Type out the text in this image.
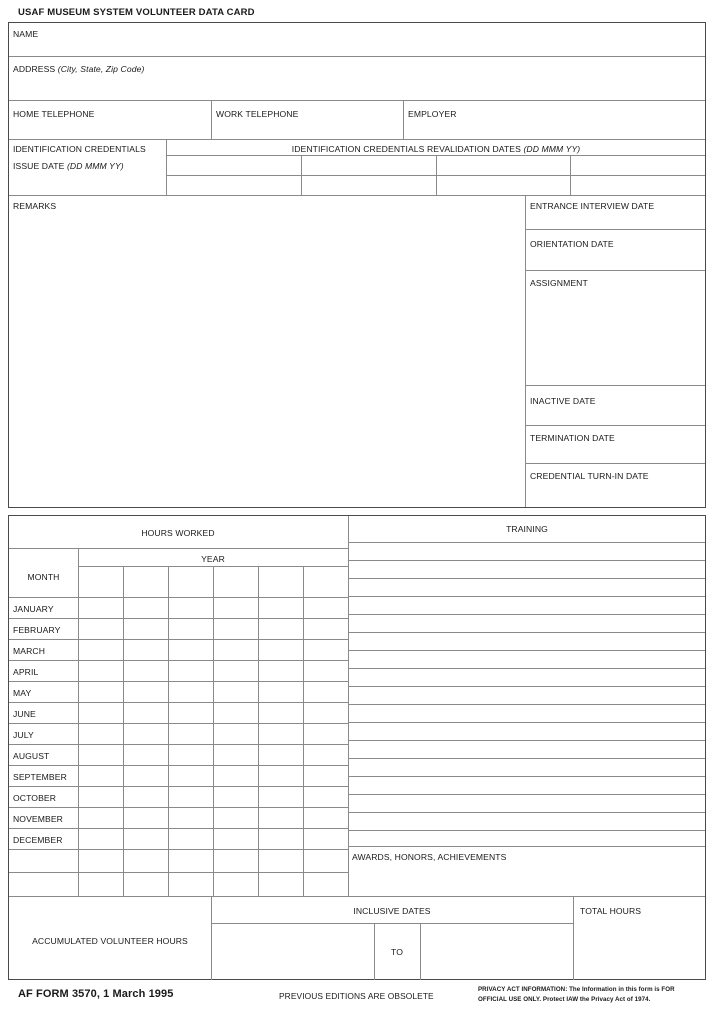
USAF MUSEUM SYSTEM VOLUNTEER DATA CARD
NAME
ADDRESS (City, State, Zip Code)
HOME TELEPHONE	WORK TELEPHONE	EMPLOYER
IDENTIFICATION CREDENTIALS
ISSUE DATE (DD MMM YY)
IDENTIFICATION CREDENTIALS REVALIDATION DATES (DD MMM YY)
REMARKS	ENTRANCE INTERVIEW DATE
ORIENTATION DATE
ASSIGNMENT
INACTIVE DATE
TERMINATION DATE
CREDENTIAL TURN-IN DATE
HOURS WORKED
YEAR
MONTH
JANUARY
FEBRUARY
MARCH
APRIL
MAY
JUNE
JULY
AUGUST
SEPTEMBER
OCTOBER
NOVEMBER
DECEMBER
TRAINING
AWARDS, HONORS, ACHIEVEMENTS
ACCUMULATED VOLUNTEER HOURS
INCLUSIVE DATES
TO
TOTAL HOURS
AF FORM 3570, 1 March 1995	PREVIOUS EDITIONS ARE OBSOLETE
PRIVACY ACT INFORMATION: The Information in this form is FOR
OFFICIAL USE ONLY. Protect IAW the Privacy Act of 1974.
